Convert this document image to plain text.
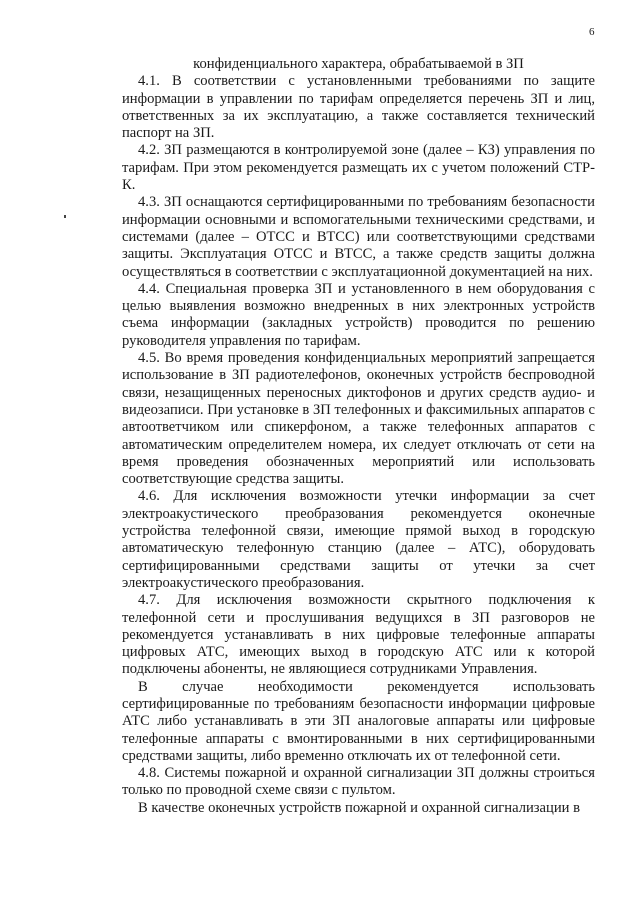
6

конфиденциального характера, обрабатываемой в ЗП

4.1. В соответствии с установленными требованиями по защите информации в управлении по тарифам определяется перечень ЗП и лиц, ответственных за их эксплуатацию, а также составляется технический паспорт на ЗП.

4.2. ЗП размещаются в контролируемой зоне (далее – КЗ) управления по тарифам. При этом рекомендуется размещать их с учетом положений СТР-К.

4.3. ЗП оснащаются сертифицированными по требованиям безопасности информации основными и вспомогательными техническими средствами, и системами (далее – ОТСС и ВТСС) или соответствующими средствами защиты. Эксплуатация ОТСС и ВТСС, а также средств защиты должна осуществляться в соответствии с эксплуатационной документацией на них.

4.4. Специальная проверка ЗП и установленного в нем оборудования с целью выявления возможно внедренных в них электронных устройств съема информации (закладных устройств) проводится по решению руководителя управления по тарифам.

4.5. Во время проведения конфиденциальных мероприятий запрещается использование в ЗП радиотелефонов, оконечных устройств беспроводной связи, незащищенных переносных диктофонов и других средств аудио- и видеозаписи. При установке в ЗП телефонных и факсимильных аппаратов с автоответчиком или спикерфоном, а также телефонных аппаратов с автоматическим определителем номера, их следует отключать от сети на время проведения обозначенных мероприятий или использовать соответствующие средства защиты.

4.6. Для исключения возможности утечки информации за счет электроакустического преобразования рекомендуется оконечные устройства телефонной связи, имеющие прямой выход в городскую автоматическую телефонную станцию (далее – АТС), оборудовать сертифицированными средствами защиты от утечки за счет электроакустического преобразования.

4.7. Для исключения возможности скрытного подключения к телефонной сети и прослушивания ведущихся в ЗП разговоров не рекомендуется устанавливать в них цифровые телефонные аппараты цифровых АТС, имеющих выход в городскую АТС или к которой подключены абоненты, не являющиеся сотрудниками Управления.

В случае необходимости рекомендуется использовать сертифицированные по требованиям безопасности информации цифровые АТС либо устанавливать в эти ЗП аналоговые аппараты или цифровые телефонные аппараты с вмонтированными в них сертифицированными средствами защиты, либо временно отключать их от телефонной сети.

4.8. Системы пожарной и охранной сигнализации ЗП должны строиться только по проводной схеме связи с пультом.

В качестве оконечных устройств пожарной и охранной сигнализации в
